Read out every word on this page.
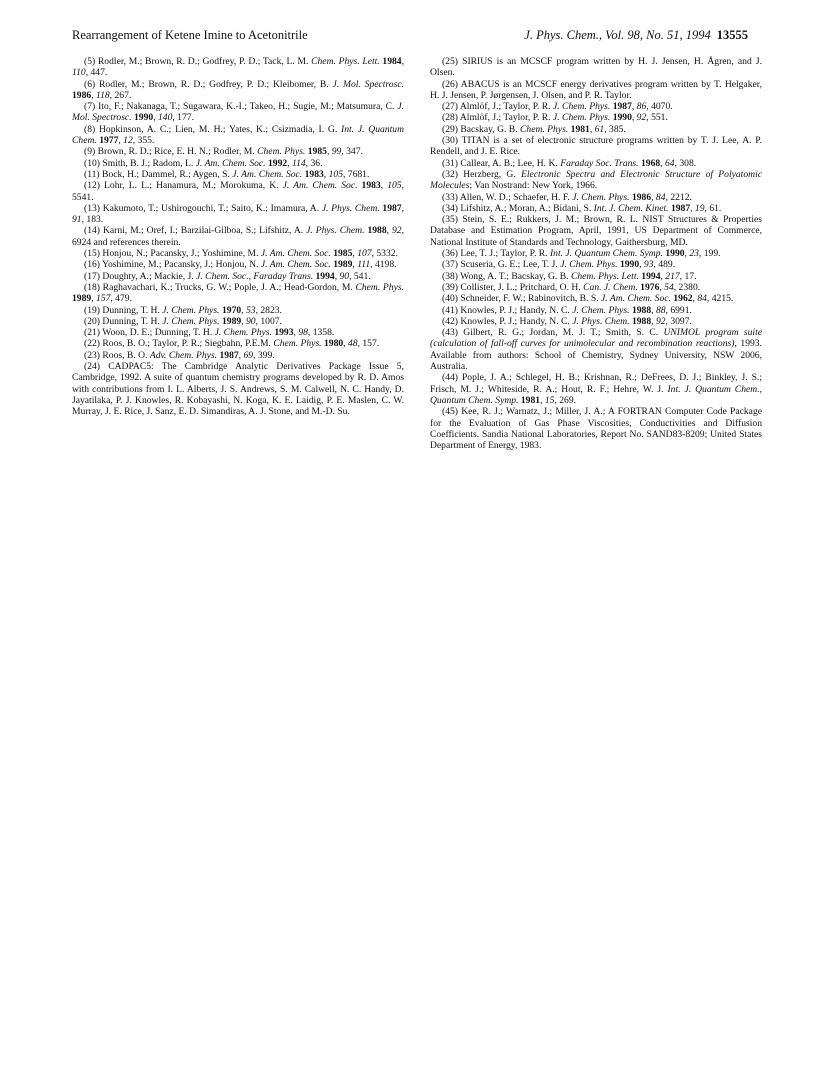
Rearrangement of Ketene Imine to Acetonitrile	J. Phys. Chem., Vol. 98, No. 51, 1994 13555

(5) Rodler, M.; Brown, R. D.; Godfrey, P. D.; Tack, L. M. Chem. Phys. Lett. 1984, 110, 447.

(6) Rodler, M.; Brown, R. D.; Godfrey, P. D.; Kleibomer, B. J. Mol. Spectrosc. 1986, 118, 267.

(7) Ito, F.; Nakanaga, T.; Sugawara, K.-I.; Takeo, H.; Sugie, M.; Matsumura, C. J. Mol. Spectrosc. 1990, 140, 177.

(8) Hopkinson, A. C.; Lien, M. H.; Yates, K.; Csizmadia, I. G. Int. J. Quantum Chem. 1977, 12, 355.

(9) Brown, R. D.; Rice, E. H. N.; Rodler, M. Chem. Phys. 1985, 99, 347.

(10) Smith, B. J.; Radom, L. J. Am. Chem. Soc. 1992, 114, 36.

(11) Bock, H.; Dammel, R.; Aygen, S. J. Am. Chem. Soc. 1983, 105, 7681.

(12) Lohr, L. L.; Hanamura, M.; Morokuma, K. J. Am. Chem. Soc. 1983, 105, 5541.

(13) Kakumoto, T.; Ushirogouchi, T.; Saito, K.; Imamura, A. J. Phys. Chem. 1987, 91, 183.

(14) Karni, M.; Oref, I.; Barzilai-Gilboa, S.; Lifshitz, A. J. Phys. Chem. 1988, 92, 6924 and references therein.

(15) Honjou, N.; Pacansky, J.; Yoshimine, M. J. Am. Chem. Soc. 1985, 107, 5332.

(16) Yoshimine, M.; Pacansky, J.; Honjou, N. J. Am. Chem. Soc. 1989, 111, 4198.

(17) Doughty, A.; Mackie, J. J. Chem. Soc., Faraday Trans. 1994, 90, 541.

(18) Raghavachari, K.; Trucks, G. W.; Pople, J. A.; Head-Gordon, M. Chem. Phys. 1989, 157, 479.

(19) Dunning, T. H. J. Chem. Phys. 1970, 53, 2823.

(20) Dunning, T. H. J. Chem. Phys. 1989, 90, 1007.

(21) Woon, D. E.; Dunning, T. H. J. Chem. Phys. 1993, 98, 1358.

(22) Roos, B. O.; Taylor, P. R.; Siegbahn, P.E.M. Chem. Phys. 1980, 48, 157.

(23) Roos, B. O. Adv. Chem. Phys. 1987, 69, 399.

(24) CADPAC5: The Cambridge Analytic Derivatives Package Issue 5, Cambridge, 1992. A suite of quantum chemistry programs developed by R. D. Amos with contributions from I. L. Alberts, J. S. Andrews, S. M. Calwell, N. C. Handy, D. Jayatilaka, P. J. Knowles, R. Kobayashi, N. Koga, K. E. Laidig, P. E. Maslen, C. W. Murray, J. E. Rice, J. Sanz, E. D. Simandiras, A. J. Stone, and M.-D. Su.

(25) SIRIUS is an MCSCF program written by H. J. Jensen, H. Ågren, and J. Olsen.

(26) ABACUS is an MCSCF energy derivatives program written by T. Helgaker, H. J. Jensen, P. Jørgensen, J. Olsen, and P. R. Taylor.

(27) Almlöf, J.; Taylor, P. R. J. Chem. Phys. 1987, 86, 4070.

(28) Almlöf, J.; Taylor, P. R. J. Chem. Phys. 1990, 92, 551.

(29) Bacskay, G. B. Chem. Phys. 1981, 61, 385.

(30) TITAN is a set of electronic structure programs written by T. J. Lee, A. P. Rendell, and J. E. Rice.

(31) Callear, A. B.; Lee, H. K. Faraday Soc. Trans. 1968, 64, 308.

(32) Herzberg, G. Electronic Spectra and Electronic Structure of Polyatomic Molecules; Van Nostrand: New York, 1966.

(33) Allen, W. D.; Schaefer, H. F. J. Chem. Phys. 1986, 84, 2212.

(34) Lifshitz, A.; Moran, A.; Bidani, S. Int. J. Chem. Kinet. 1987, 19, 61.

(35) Stein, S. E.; Rukkers, J. M.; Brown, R. L. NIST Structures & Properties Database and Estimation Program, April, 1991, US Department of Commerce, National Institute of Standards and Technology, Gaithersburg, MD.

(36) Lee, T. J.; Taylor, P. R. Int. J. Quantum Chem. Symp. 1990, 23, 199.

(37) Scuseria, G. E.; Lee, T. J. J. Chem. Phys. 1990, 93, 489.

(38) Wong, A. T.; Bacskay, G. B. Chem. Phys. Lett. 1994, 217, 17.

(39) Collister, J. L.; Pritchard, O. H. Can. J. Chem. 1976, 54, 2380.

(40) Schneider, F. W.; Rabinovitch, B. S. J. Am. Chem. Soc. 1962, 84, 4215.

(41) Knowles, P. J.; Handy, N. C. J. Chem. Phys. 1988, 88, 6991.

(42) Knowles, P. J.; Handy, N. C. J. Phys. Chem. 1988, 92, 3097.

(43) Gilbert, R. G.; Jordan, M. J. T.; Smith, S. C. UNIMOL program suite (calculation of fall-off curves for unimolecular and recombination reactions), 1993. Available from authors: School of Chemistry, Sydney University, NSW 2006, Australia.

(44) Pople, J. A.; Schlegel, H. B.; Krishnan, R.; DeFrees, D. J.; Binkley, J. S.; Frisch, M. J.; Whiteside, R. A.; Hout, R. F.; Hehre, W. J. Int. J. Quantum Chem., Quantum Chem. Symp. 1981, 15, 269.

(45) Kee, R. J.; Warnatz, J.; Miller, J. A.; A FORTRAN Computer Code Package for the Evaluation of Gas Phase Viscosities, Conductivities and Diffusion Coefficients. Sandia National Laboratories, Report No. SAND83-8209; United States Department of Energy, 1983.
